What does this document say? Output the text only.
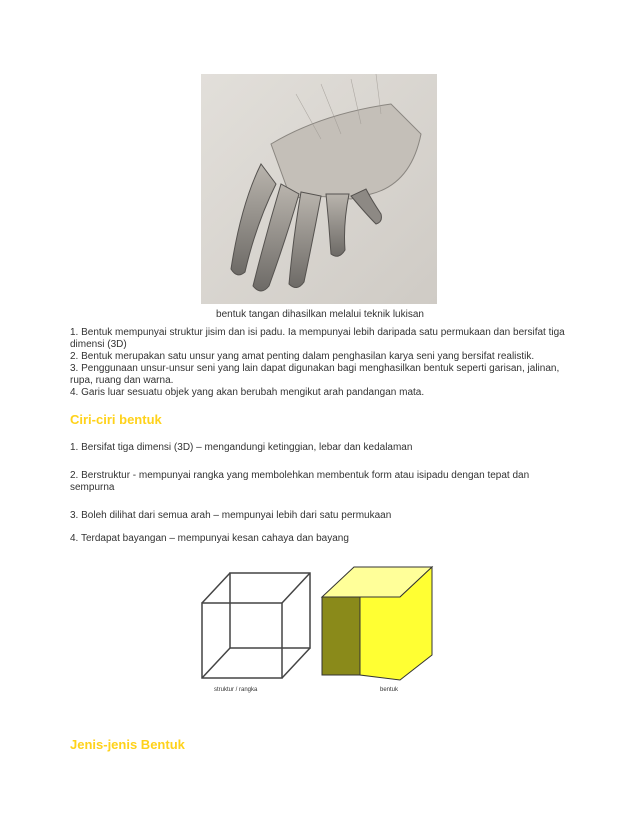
bentuk tangan dihasilkan melalui teknik lukisan

1. Bentuk mempunyai struktur jisim dan isi padu. Ia mempunyai lebih daripada satu permukaan dan bersifat tiga dimensi (3D)

2. Bentuk merupakan satu unsur yang amat penting dalam penghasilan karya seni yang bersifat realistik.

3. Penggunaan unsur-unsur seni yang lain dapat digunakan bagi menghasilkan bentuk seperti garisan, jalinan, rupa, ruang dan warna.

4. Garis luar sesuatu objek yang akan berubah mengikut arah pandangan mata.

Ciri-ciri bentuk
1. Bersifat tiga dimensi (3D) – mengandungi ketinggian, lebar dan kedalaman
2. Berstruktur - mempunyai rangka yang membolehkan membentuk form atau isipadu dengan tepat dan sempurna
3. Boleh dilihat dari semua arah – mempunyai lebih dari satu permukaan
4. Terdapat bayangan – mempunyai kesan cahaya dan bayang
struktur / rangka	bentuk
Jenis-jenis Bentuk
